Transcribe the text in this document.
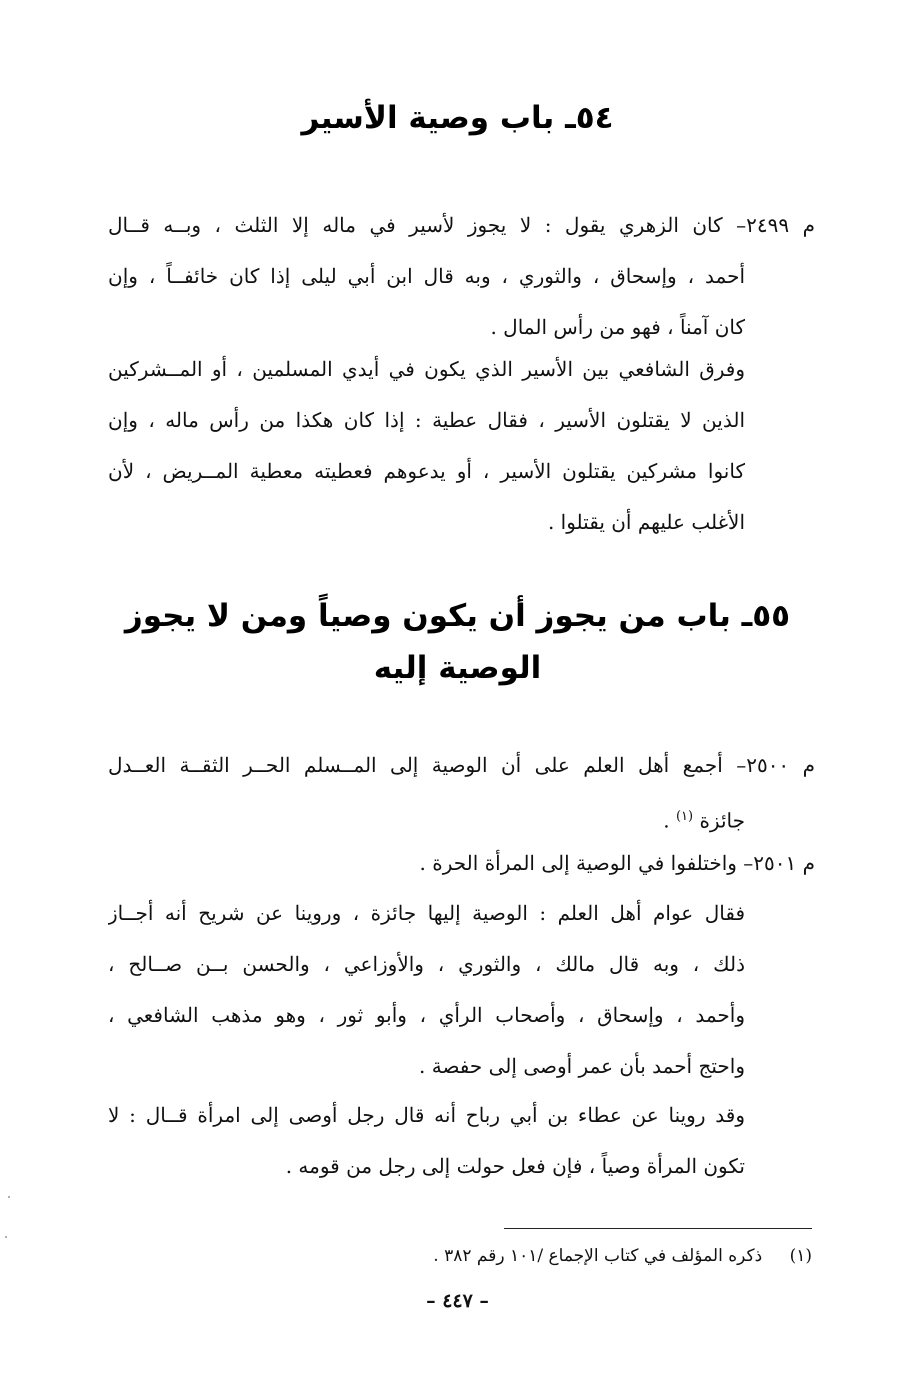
٥٤ـ باب وصية الأسير
م ٢٤٩٩– كان الزهري يقول : لا يجوز لأسير في ماله إلا الثلث ، وبــه قــال
أحمد ، وإسحاق ، والثوري ، وبه قال ابن أبي ليلى إذا كان خائفــاً ، وإن
كان آمناً ، فهو من رأس المال .
وفرق الشافعي بين الأسير الذي يكون في أيدي المسلمين ، أو المــشركين
الذين لا يقتلون الأسير ، فقال عطية : إذا كان هكذا من رأس ماله ، وإن
كانوا مشركين يقتلون الأسير ، أو يدعوهم فعطيته معطية المــريض ، لأن
الأغلب عليهم أن يقتلوا .
٥٥ـ باب من يجوز أن يكون وصياً ومن لا يجوز
الوصية إليه
م ٢٥٠٠– أجمع أهل العلم على أن الوصية إلى المــسلم الحــر الثقــة العــدل
جائزة $^{(١)}$ .
م ٢٥٠١– واختلفوا في الوصية إلى المرأة الحرة .
فقال عوام أهل العلم : الوصية إليها جائزة ، وروينا عن شريح أنه أجــاز
ذلك ، وبه قال مالك ، والثوري ، والأوزاعي ، والحسن بــن صــالح ،
وأحمد ، وإسحاق ، وأصحاب الرأي ، وأبو ثور ، وهو مذهب الشافعي ،
واحتج أحمد بأن عمر أوصى إلى حفصة .
وقد روينا عن عطاء بن أبي رباح أنه قال رجل أوصى إلى امرأة قــال : لا
تكون المرأة وصياً ، فإن فعل حولت إلى رجل من قومه .
(١) ذكره المؤلف في كتاب الإجماع /١٠١ رقم ٣٨٢ .
– ٤٤٧ –
